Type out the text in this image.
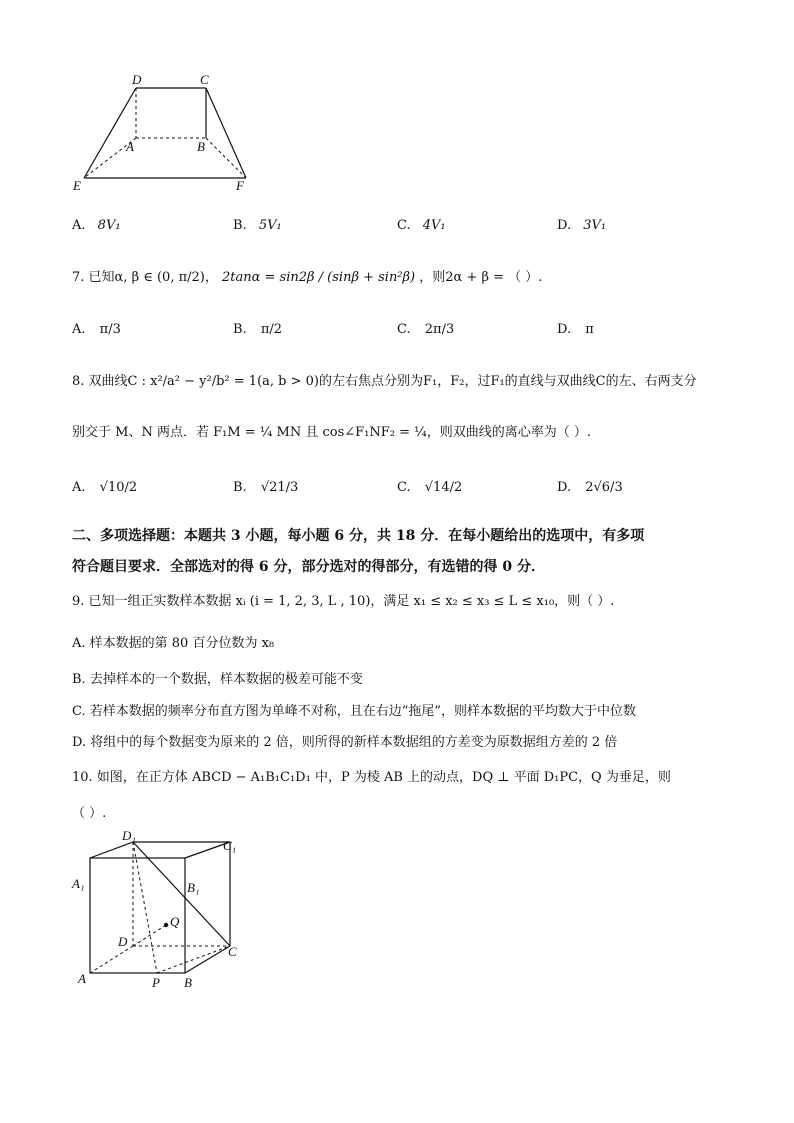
D	C
A	B
E	F
A. 8V₁	B. 5V₁	C. 4V₁	D. 3V₁
7. 已知α, β ∈ (0, π/2)， 2tanα = sin2β / (sinβ + sin²β) ，则2α + β = （ ）.
A. π/3	B. π/2	C. 2π/3	D. π
8. 双曲线C : x²/a² − y²/b² = 1(a, b > 0)的左右焦点分别为F₁，F₂，过F₁的直线与双曲线C的左、右两支分
别交于 M、N 两点．若 F₁M = ¼ MN 且 cos∠F₁NF₂ = ¼，则双曲线的离心率为（ ）.
A. √10/2	B. √21/3	C. √14/2	D. 2√6/3
二、多项选择题：本题共 3 小题，每小题 6 分，共 18 分．在每小题给出的选项中，有多项
符合题目要求．全部选对的得 6 分，部分选对的得部分，有选错的得 0 分．
9. 已知一组正实数样本数据 xᵢ (i = 1, 2, 3, L , 10)，满足 x₁ ≤ x₂ ≤ x₃ ≤ L ≤ x₁₀，则（ ）.
A. 样本数据的第 80 百分位数为 x₈
B. 去掉样本的一个数据，样本数据的极差可能不变
C. 若样本数据的频率分布直方图为单峰不对称，且在右边“拖尾”，则样本数据的平均数大于中位数
D. 将组中的每个数据变为原来的 2 倍，则所得的新样本数据组的方差变为原数据组方差的 2 倍
10. 如图，在正方体 ABCD − A₁B₁C₁D₁ 中，P 为棱 AB 上的动点，DQ ⊥ 平面 D₁PC，Q 为垂足，则
（ ）.
D₁
C₁
A₁	B₁
Q
D
C
A	P B
